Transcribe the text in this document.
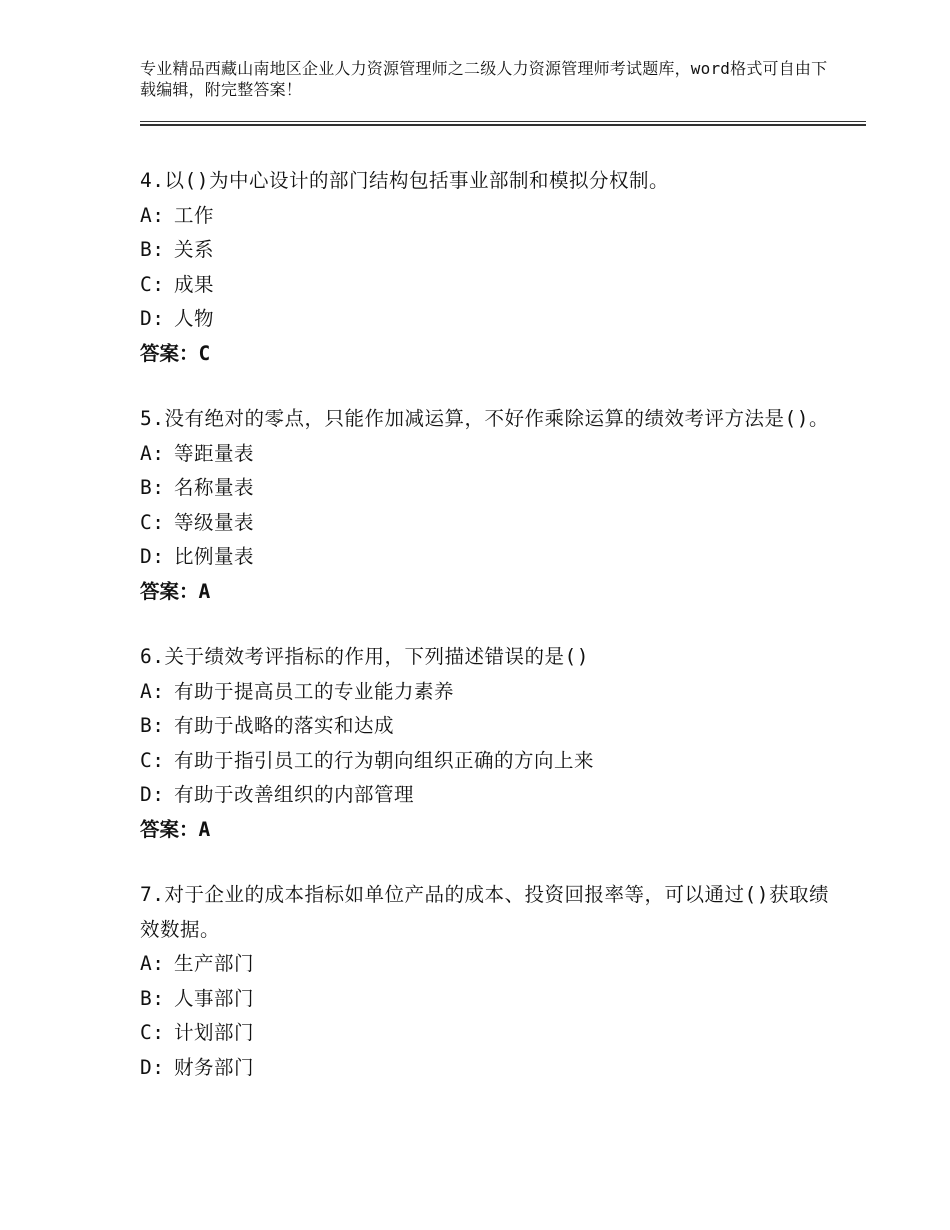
专业精品西藏山南地区企业人力资源管理师之二级人力资源管理师考试题库，word格式可自由下载编辑，附完整答案！

4.以()为中心设计的部门结构包括事业部制和模拟分权制。

A: 工作
B: 关系
C: 成果
D: 人物
答案：C

5.没有绝对的零点，只能作加减运算，不好作乘除运算的绩效考评方法是()。

A: 等距量表
B: 名称量表
C: 等级量表
D: 比例量表
答案：A

6.关于绩效考评指标的作用，下列描述错误的是()

A: 有助于提高员工的专业能力素养
B: 有助于战略的落实和达成
C: 有助于指引员工的行为朝向组织正确的方向上来
D: 有助于改善组织的内部管理
答案：A

7.对于企业的成本指标如单位产品的成本、投资回报率等，可以通过()获取绩效数据。

A: 生产部门
B: 人事部门
C: 计划部门
D: 财务部门
